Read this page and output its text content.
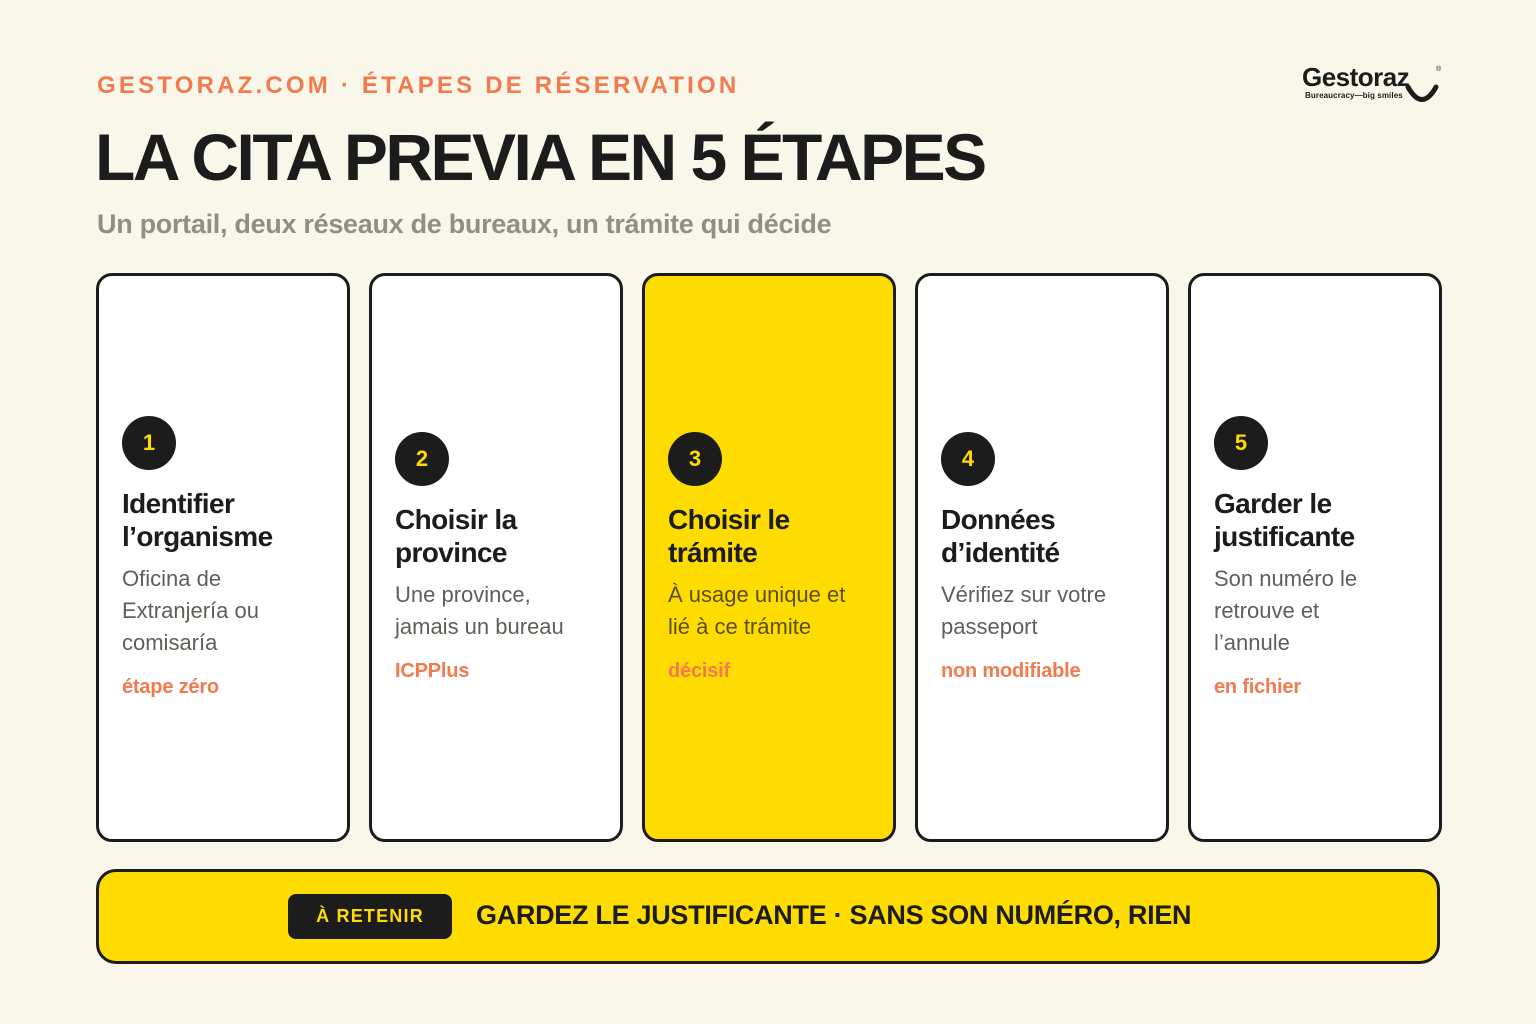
GESTORAZ.COM · ÉTAPES DE RÉSERVATION	Gestoraz	®
Bureaucracy—big smiles
LA CITA PREVIA EN 5 ÉTAPES
Un portail, deux réseaux de bureaux, un trámite qui décide
1
Identifier
l’organisme
Oficina de
Extranjería ou
comisaría
étape zéro
2
Choisir la
province
Une province,
jamais un bureau
ICPPlus
3
Choisir le
trámite
À usage unique et
lié à ce trámite
décisif
4
Données
d’identité
Vérifiez sur votre
passeport
non modifiable
5
Garder le
justificante
Son numéro le
retrouve et
l’annule
en fichier
À RETENIR	GARDEZ LE JUSTIFICANTE · SANS SON NUMÉRO, RIEN
